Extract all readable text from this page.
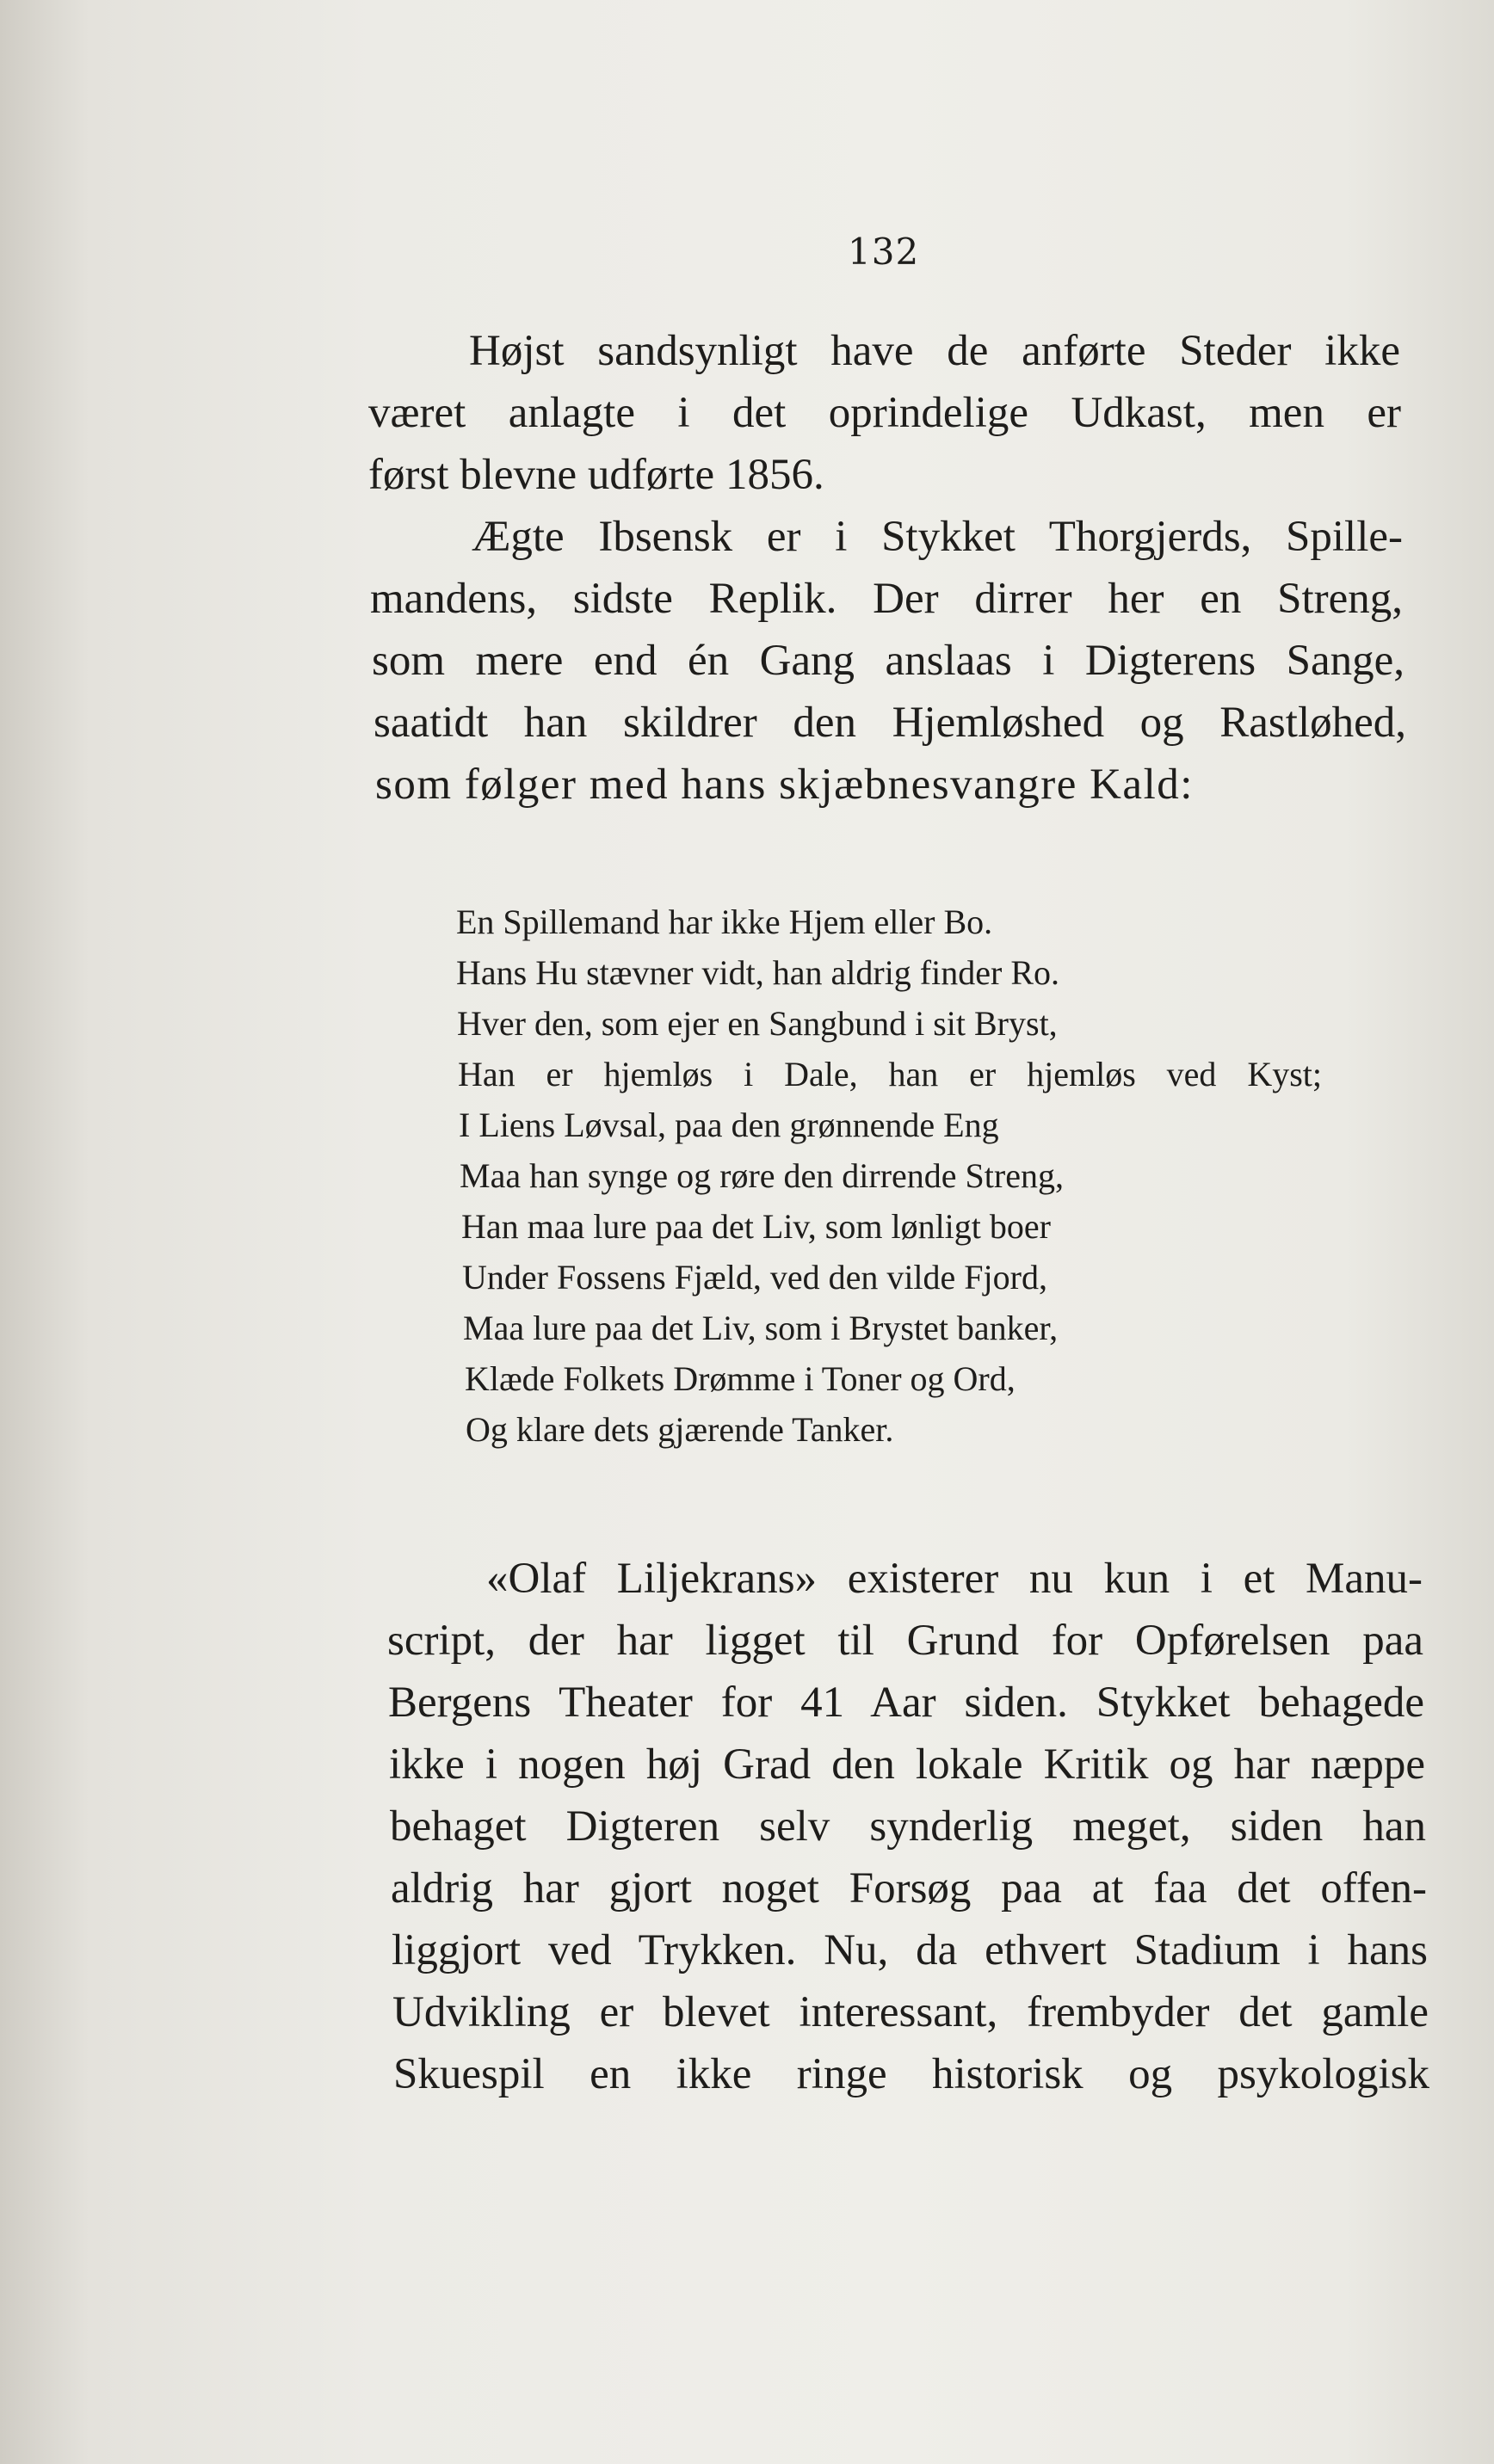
132
Højst sandsynligt have de anførte Steder ikke
været anlagte i det oprindelige Udkast, men er
først blevne udførte 1856.
Ægte Ibsensk er i Stykket Thorgjerds, Spille-
mandens, sidste Replik. Der dirrer her en Streng,
som mere end én Gang anslaas i Digterens Sange,
saatidt han skildrer den Hjemløshed og Rastløhed,
som følger med hans skjæbnesvangre Kald:
En Spillemand har ikke Hjem eller Bo.
Hans Hu stævner vidt, han aldrig finder Ro.
Hver den, som ejer en Sangbund i sit Bryst,
Han er hjemløs i Dale, han er hjemløs ved Kyst;
I Liens Løvsal, paa den grønnende Eng
Maa han synge og røre den dirrende Streng,
Han maa lure paa det Liv, som lønligt boer
Under Fossens Fjæld, ved den vilde Fjord,
Maa lure paa det Liv, som i Brystet banker,
Klæde Folkets Drømme i Toner og Ord,
Og klare dets gjærende Tanker.
«Olaf Liljekrans» existerer nu kun i et Manu-
script, der har ligget til Grund for Opførelsen paa
Bergens Theater for 41 Aar siden. Stykket behagede
ikke i nogen høj Grad den lokale Kritik og har næppe
behaget Digteren selv synderlig meget, siden han
aldrig har gjort noget Forsøg paa at faa det offen-
liggjort ved Trykken. Nu, da ethvert Stadium i hans
Udvikling er blevet interessant, frembyder det gamle
Skuespil en ikke ringe historisk og psykologisk
